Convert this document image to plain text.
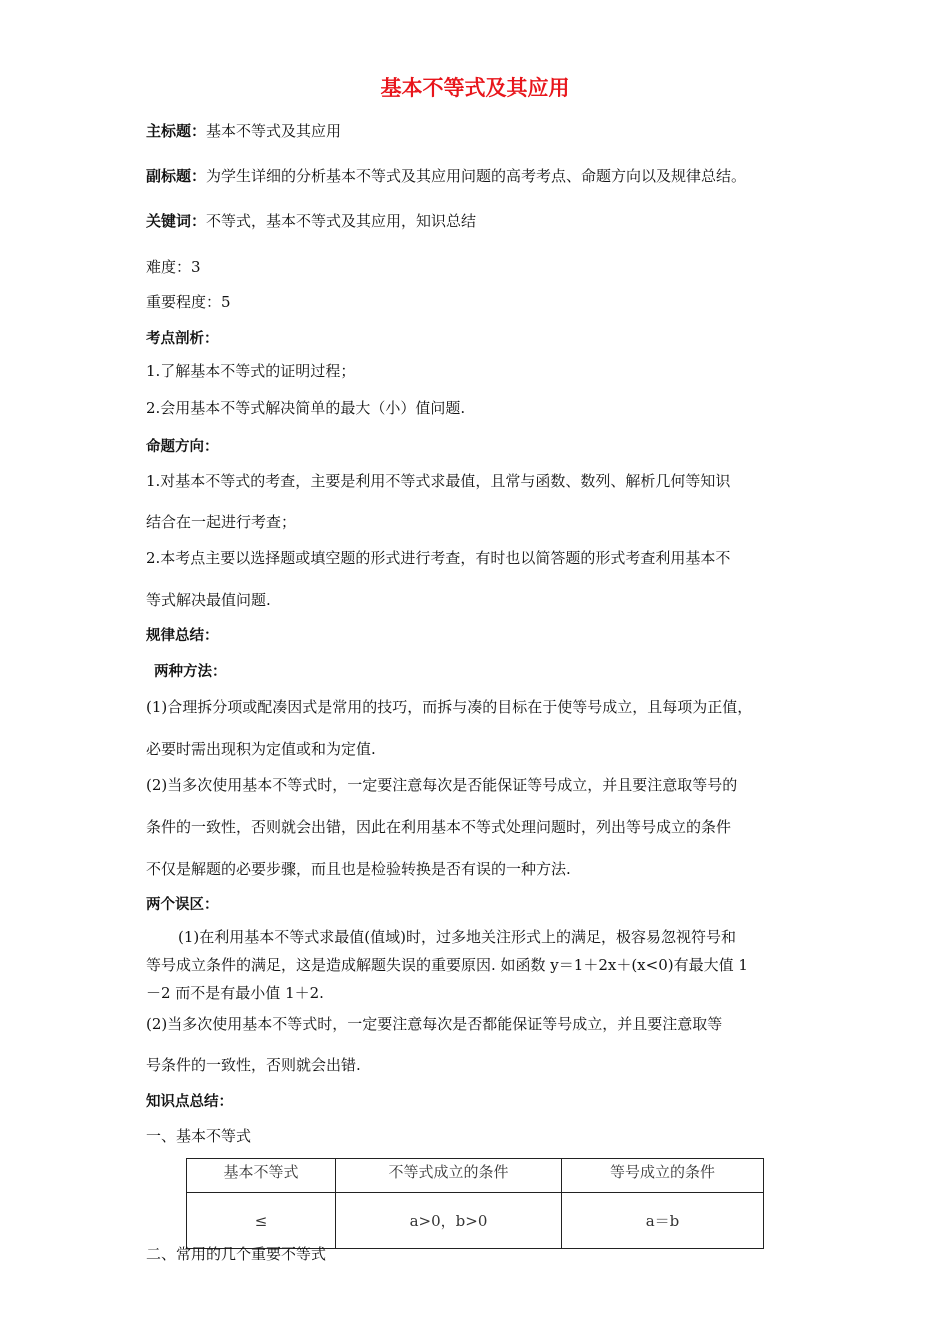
基本不等式及其应用
主标题：基本不等式及其应用
副标题：为学生详细的分析基本不等式及其应用问题的高考考点、命题方向以及规律总结。
关键词：不等式，基本不等式及其应用，知识总结
难度：3
重要程度：5
考点剖析：
1.了解基本不等式的证明过程；
2.会用基本不等式解决简单的最大（小）值问题.
命题方向：
1.对基本不等式的考查，主要是利用不等式求最值，且常与函数、数列、解析几何等知识
结合在一起进行考查；
2.本考点主要以选择题或填空题的形式进行考查，有时也以简答题的形式考查利用基本不
等式解决最值问题.
规律总结：
两种方法：
(1)合理拆分项或配凑因式是常用的技巧，而拆与凑的目标在于使等号成立，且每项为正值，
必要时需出现积为定值或和为定值.
(2)当多次使用基本不等式时，一定要注意每次是否能保证等号成立，并且要注意取等号的
条件的一致性，否则就会出错，因此在利用基本不等式处理问题时，列出等号成立的条件
不仅是解题的必要步骤，而且也是检验转换是否有误的一种方法.
两个误区：
(1)在利用基本不等式求最值(值域)时，过多地关注形式上的满足，极容易忽视符号和
等号成立条件的满足，这是造成解题失误的重要原因. 如函数 y＝1＋2x＋(x<0)有最大值 1
－2 而不是有最小值 1＋2.
(2)当多次使用基本不等式时，一定要注意每次是否都能保证等号成立，并且要注意取等
号条件的一致性，否则就会出错.
知识点总结：
一、基本不等式
基本不等式	不等式成立的条件	等号成立的条件
≤	a>0，b>0	a＝b
二、常用的几个重要不等式
